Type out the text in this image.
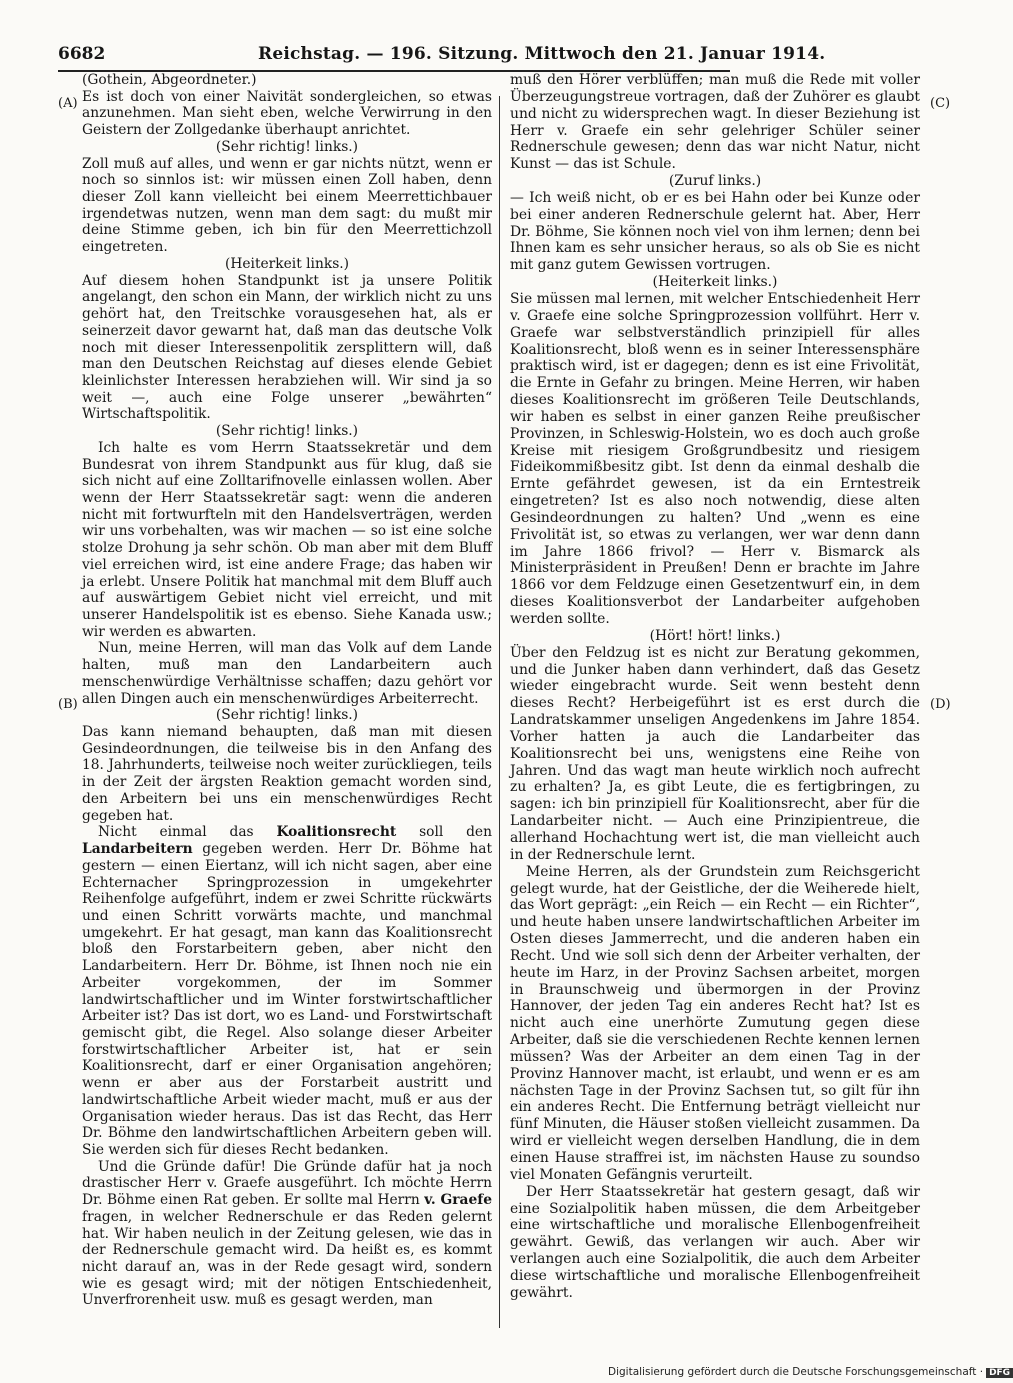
6682	Reichstag. — 196. Sitzung. Mittwoch den 21. Januar 1914.
(A)
(B)
(C)
(D)

(Gothein, Abgeordneter.)

Es ist doch von einer Naivität sondergleichen, so etwas anzunehmen. Man sieht eben, welche Verwirrung in den Geistern der Zollgedanke überhaupt anrichtet.

(Sehr richtig! links.)

Zoll muß auf alles, und wenn er gar nichts nützt, wenn er noch so sinnlos ist: wir müssen einen Zoll haben, denn dieser Zoll kann vielleicht bei einem Meerrettichbauer irgendetwas nutzen, wenn man dem sagt: du mußt mir deine Stimme geben, ich bin für den Meerrettichzoll eingetreten.

(Heiterkeit links.)

Auf diesem hohen Standpunkt ist ja unsere Politik angelangt, den schon ein Mann, der wirklich nicht zu uns gehört hat, den Treitschke vorausgesehen hat, als er seinerzeit davor gewarnt hat, daß man das deutsche Volk noch mit dieser Interessenpolitik zersplittern will, daß man den Deutschen Reichstag auf dieses elende Gebiet kleinlichster Interessen herabziehen will. Wir sind ja so weit —, auch eine Folge unserer „bewährten“ Wirtschaftspolitik.

(Sehr richtig! links.)

Ich halte es vom Herrn Staatssekretär und dem Bundesrat von ihrem Standpunkt aus für klug, daß sie sich nicht auf eine Zolltarifnovelle einlassen wollen. Aber wenn der Herr Staatssekretär sagt: wenn die anderen nicht mit fortwurfteln mit den Handelsverträgen, werden wir uns vorbehalten, was wir machen — so ist eine solche stolze Drohung ja sehr schön. Ob man aber mit dem Bluff viel erreichen wird, ist eine andere Frage; das haben wir ja erlebt. Unsere Politik hat manchmal mit dem Bluff auch auf auswärtigem Gebiet nicht viel erreicht, und mit unserer Handelspolitik ist es ebenso. Siehe Kanada usw.; wir werden es abwarten.

Nun, meine Herren, will man das Volk auf dem Lande halten, muß man den Landarbeitern auch menschenwürdige Verhältnisse schaffen; dazu gehört vor allen Dingen auch ein menschenwürdiges Arbeiterrecht.

(Sehr richtig! links.)

Das kann niemand behaupten, daß man mit diesen Gesindeordnungen, die teilweise bis in den Anfang des 18. Jahrhunderts, teilweise noch weiter zurückliegen, teils in der Zeit der ärgsten Reaktion gemacht worden sind, den Arbeitern bei uns ein menschenwürdiges Recht gegeben hat.

Nicht einmal das Koalitionsrecht soll den Landarbeitern gegeben werden. Herr Dr. Böhme hat gestern — einen Eiertanz, will ich nicht sagen, aber eine Echternacher Springprozession in umgekehrter Reihenfolge aufgeführt, indem er zwei Schritte rückwärts und einen Schritt vorwärts machte, und manchmal umgekehrt. Er hat gesagt, man kann das Koalitionsrecht bloß den Forstarbeitern geben, aber nicht den Landarbeitern. Herr Dr. Böhme, ist Ihnen noch nie ein Arbeiter vorgekommen, der im Sommer landwirtschaftlicher und im Winter forstwirtschaftlicher Arbeiter ist? Das ist dort, wo es Land- und Forstwirtschaft gemischt gibt, die Regel. Also solange dieser Arbeiter forstwirtschaftlicher Arbeiter ist, hat er sein Koalitionsrecht, darf er einer Organisation angehören; wenn er aber aus der Forstarbeit austritt und landwirtschaftliche Arbeit wieder macht, muß er aus der Organisation wieder heraus. Das ist das Recht, das Herr Dr. Böhme den landwirtschaftlichen Arbeitern geben will. Sie werden sich für dieses Recht bedanken.

Und die Gründe dafür! Die Gründe dafür hat ja noch drastischer Herr v. Graefe ausgeführt. Ich möchte Herrn Dr. Böhme einen Rat geben. Er sollte mal Herrn v. Graefe fragen, in welcher Rednerschule er das Reden gelernt hat. Wir haben neulich in der Zeitung gelesen, wie das in der Rednerschule gemacht wird. Da heißt es, es kommt nicht darauf an, was in der Rede gesagt wird, sondern wie es gesagt wird; mit der nötigen Entschiedenheit, Unverfrorenheit usw. muß es gesagt werden, man

muß den Hörer verblüffen; man muß die Rede mit voller Überzeugungstreue vortragen, daß der Zuhörer es glaubt und nicht zu widersprechen wagt. In dieser Beziehung ist Herr v. Graefe ein sehr gelehriger Schüler seiner Rednerschule gewesen; denn das war nicht Natur, nicht Kunst — das ist Schule.

(Zuruf links.)

— Ich weiß nicht, ob er es bei Hahn oder bei Kunze oder bei einer anderen Rednerschule gelernt hat. Aber, Herr Dr. Böhme, Sie können noch viel von ihm lernen; denn bei Ihnen kam es sehr unsicher heraus, so als ob Sie es nicht mit ganz gutem Gewissen vortrugen.

(Heiterkeit links.)

Sie müssen mal lernen, mit welcher Entschiedenheit Herr v. Graefe eine solche Springprozession vollführt. Herr v. Graefe war selbstverständlich prinzipiell für alles Koalitionsrecht, bloß wenn es in seiner Interessensphäre praktisch wird, ist er dagegen; denn es ist eine Frivolität, die Ernte in Gefahr zu bringen. Meine Herren, wir haben dieses Koalitionsrecht im größeren Teile Deutschlands, wir haben es selbst in einer ganzen Reihe preußischer Provinzen, in Schleswig-Holstein, wo es doch auch große Kreise mit riesigem Großgrundbesitz und riesigem Fideikommißbesitz gibt. Ist denn da einmal deshalb die Ernte gefährdet gewesen, ist da ein Erntestreik eingetreten? Ist es also noch notwendig, diese alten Gesindeordnungen zu halten? Und „wenn es eine Frivolität ist, so etwas zu verlangen, wer war denn dann im Jahre 1866 frivol? — Herr v. Bismarck als Ministerpräsident in Preußen! Denn er brachte im Jahre 1866 vor dem Feldzuge einen Gesetzentwurf ein, in dem dieses Koalitionsverbot der Landarbeiter aufgehoben werden sollte.

(Hört! hört! links.)

Über den Feldzug ist es nicht zur Beratung gekommen, und die Junker haben dann verhindert, daß das Gesetz wieder eingebracht wurde. Seit wenn besteht denn dieses Recht? Herbeigeführt ist es erst durch die Landratskammer unseligen Angedenkens im Jahre 1854. Vorher hatten ja auch die Landarbeiter das Koalitionsrecht bei uns, wenigstens eine Reihe von Jahren. Und das wagt man heute wirklich noch aufrecht zu erhalten? Ja, es gibt Leute, die es fertigbringen, zu sagen: ich bin prinzipiell für Koalitionsrecht, aber für die Landarbeiter nicht. — Auch eine Prinzipientreue, die allerhand Hochachtung wert ist, die man vielleicht auch in der Rednerschule lernt.

Meine Herren, als der Grundstein zum Reichsgericht gelegt wurde, hat der Geistliche, der die Weiherede hielt, das Wort geprägt: „ein Reich — ein Recht — ein Richter“, und heute haben unsere landwirtschaftlichen Arbeiter im Osten dieses Jammerrecht, und die anderen haben ein Recht. Und wie soll sich denn der Arbeiter verhalten, der heute im Harz, in der Provinz Sachsen arbeitet, morgen in Braunschweig und übermorgen in der Provinz Hannover, der jeden Tag ein anderes Recht hat? Ist es nicht auch eine unerhörte Zumutung gegen diese Arbeiter, daß sie die verschiedenen Rechte kennen lernen müssen? Was der Arbeiter an dem einen Tag in der Provinz Hannover macht, ist erlaubt, und wenn er es am nächsten Tage in der Provinz Sachsen tut, so gilt für ihn ein anderes Recht. Die Entfernung beträgt vielleicht nur fünf Minuten, die Häuser stoßen vielleicht zusammen. Da wird er vielleicht wegen derselben Handlung, die in dem einen Hause straffrei ist, im nächsten Hause zu soundso viel Monaten Gefängnis verurteilt.

Der Herr Staatssekretär hat gestern gesagt, daß wir eine Sozialpolitik haben müssen, die dem Arbeitgeber eine wirtschaftliche und moralische Ellenbogenfreiheit gewährt. Gewiß, das verlangen wir auch. Aber wir verlangen auch eine Sozialpolitik, die auch dem Arbeiter diese wirtschaftliche und moralische Ellenbogenfreiheit gewährt.

Digitalisierung gefördert durch die Deutsche Forschungsgemeinschaft · DFG
